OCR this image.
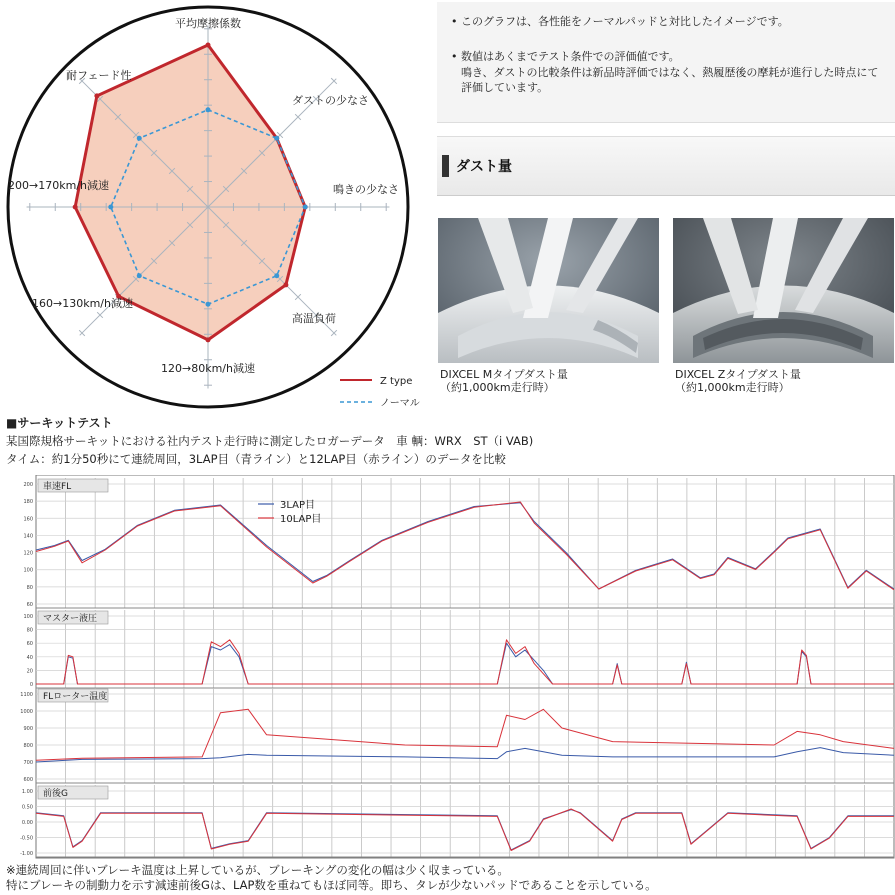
平均摩擦係数
ダストの少なさ
鳴きの少なさ
高温負荷
120→80km/h減速
160→130km/h減速
200→170km/h減速
耐フェード性
Z type
ノーマル
• このグラフは、各性能をノーマルパッドと対比したイメージです。
• 数値はあくまでテスト条件での評価値です。
鳴き、ダストの比較条件は新品時評価ではなく、熱履歴後の摩耗が進行した時点にて評価しています。
ダスト量
DIXCEL Mタイプダスト量
（約1,000km走行時）
DIXCEL Zタイプダスト量
（約1,000km走行時）
■サーキットテスト
某国際規格サーキットにおける社内テスト走行時に測定したロガーデータ　車 輌：WRX　ST（i VAB)
タイム：約1分50秒にて連続周回，3LAP目（青ライン）と12LAP目（赤ライン）のデータを比較
200
180
160
140
120
100
80
60
車速FL
100
80
60
40
20
0
マスター液圧
1100
1000
900
800
700
600
FLローター温度
1.00
0.50
0.00
-0.50
-1.00
前後G
3LAP目
10LAP目
※連続周回に伴いブレーキ温度は上昇しているが、ブレーキングの変化の幅は少く収まっている。
特にブレーキの制動力を示す減速前後Gは、LAP数を重ねてもほぼ同等。即ち、タレが少ないパッドであることを示している。
